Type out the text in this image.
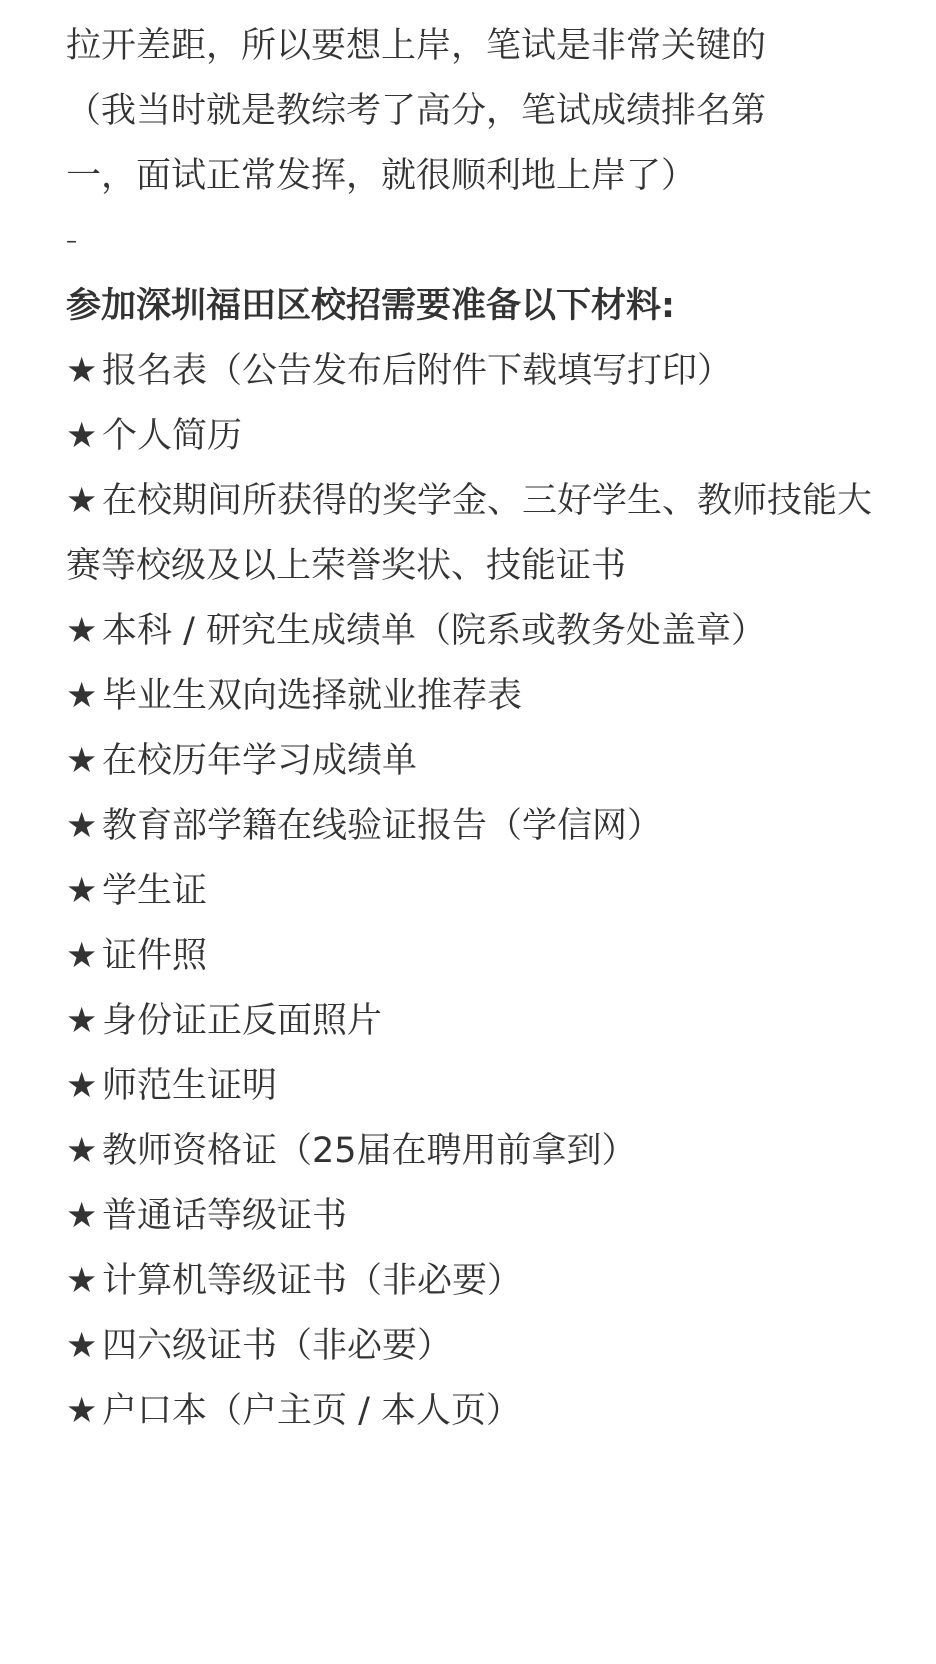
拉开差距，所以要想上岸，笔试是非常关键的
（我当时就是教综考了高分，笔试成绩排名第
一，面试正常发挥，就很顺利地上岸了）
–
参加深圳福田区校招需要准备以下材料:
★ 报名表（公告发布后附件下载填写打印）
★ 个人简历
★ 在校期间所获得的奖学金、三好学生、教师技能大赛等校级及以上荣誉奖状、技能证书
★ 本科 / 研究生成绩单（院系或教务处盖章）
★ 毕业生双向选择就业推荐表
★ 在校历年学习成绩单
★ 教育部学籍在线验证报告（学信网）
★ 学生证
★ 证件照
★ 身份证正反面照片
★ 师范生证明
★ 教师资格证（25届在聘用前拿到）
★ 普通话等级证书
★ 计算机等级证书（非必要）
★ 四六级证书（非必要）
★ 户口本（户主页 / 本人页）
